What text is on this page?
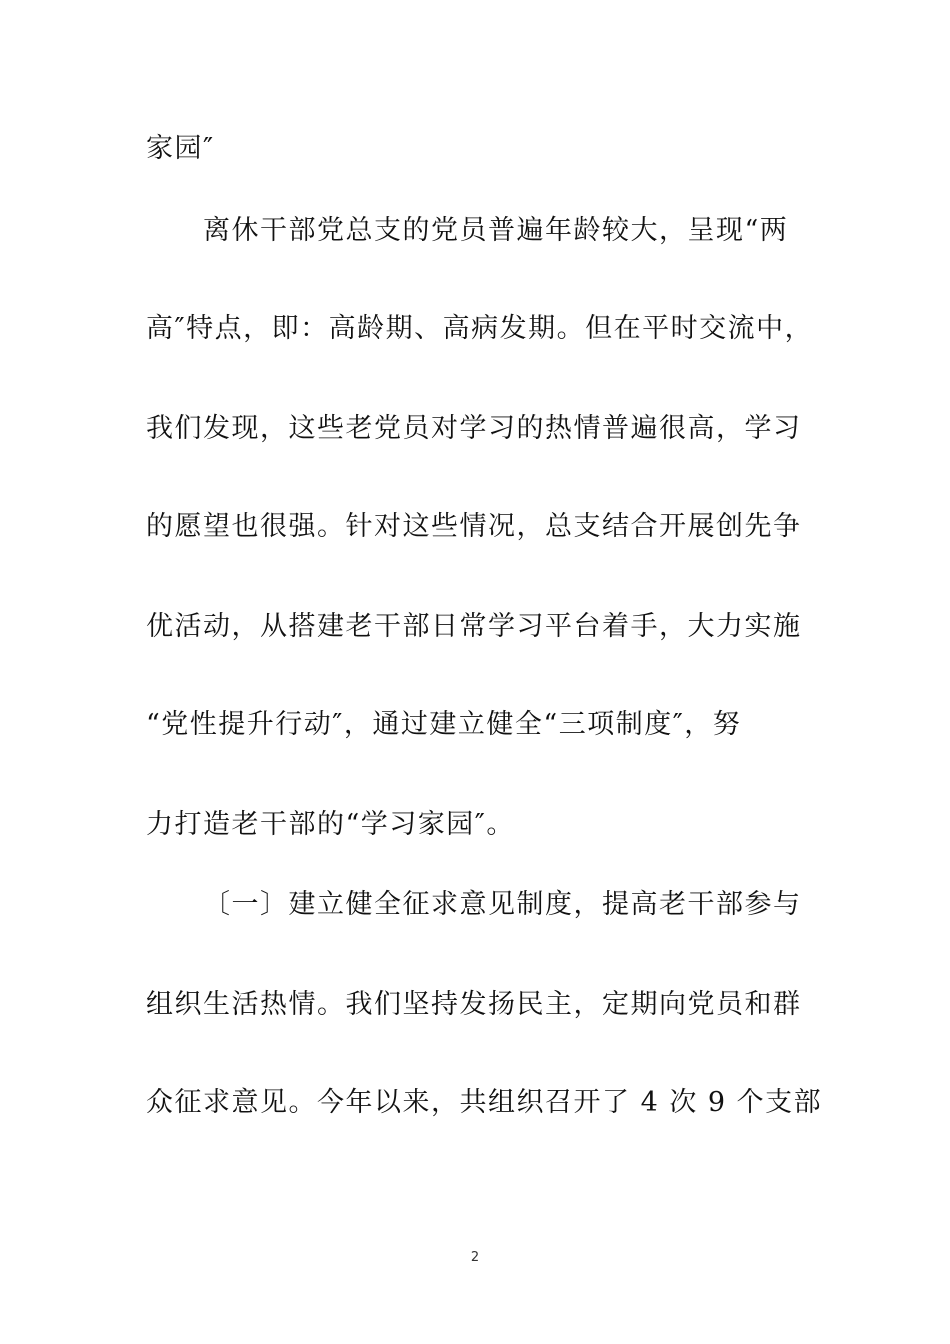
家园″
离休干部党总支的党员普遍年龄较大，呈现“两
高″特点，即：高龄期、高病发期。但在平时交流中，
我们发现，这些老党员对学习的热情普遍很高，学习
的愿望也很强。针对这些情况，总支结合开展创先争
优活动，从搭建老干部日常学习平台着手，大力实施
“党性提升行动″，通过建立健全“三项制度″，努
力打造老干部的“学习家园″。
〔一〕建立健全征求意见制度，提高老干部参与
组织生活热情。我们坚持发扬民主，定期向党员和群
众征求意见。今年以来，共组织召开了 4 次 9 个支部
2
